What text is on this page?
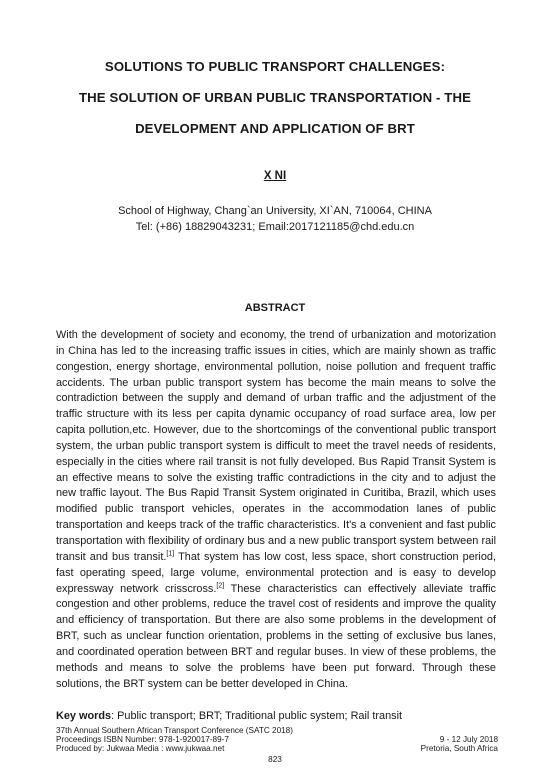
SOLUTIONS TO PUBLIC TRANSPORT CHALLENGES:
THE SOLUTION OF URBAN PUBLIC TRANSPORTATION - THE
DEVELOPMENT AND APPLICATION OF BRT
X NI
School of Highway, Chang`an University, XI`AN, 710064, CHINA
Tel: (+86) 18829043231; Email:2017121185@chd.edu.cn
ABSTRACT
With the development of society and economy, the trend of urbanization and motorization in China has led to the increasing traffic issues in cities, which are mainly shown as traffic congestion, energy shortage, environmental pollution, noise pollution and frequent traffic accidents. The urban public transport system has become the main means to solve the contradiction between the supply and demand of urban traffic and the adjustment of the traffic structure with its less per capita dynamic occupancy of road surface area, low per capita pollution,etc. However, due to the shortcomings of the conventional public transport system, the urban public transport system is difficult to meet the travel needs of residents, especially in the cities where rail transit is not fully developed. Bus Rapid Transit System is an effective means to solve the existing traffic contradictions in the city and to adjust the new traffic layout. The Bus Rapid Transit System originated in Curitiba, Brazil, which uses modified public transport vehicles, operates in the accommodation lanes of public transportation and keeps track of the traffic characteristics. It's a convenient and fast public transportation with flexibility of ordinary bus and a new public transport system between rail transit and bus transit.[1] That system has low cost, less space, short construction period, fast operating speed, large volume, environmental protection and is easy to develop expressway network crisscross.[2] These characteristics can effectively alleviate traffic congestion and other problems, reduce the travel cost of residents and improve the quality and efficiency of transportation. But there are also some problems in the development of BRT, such as unclear function orientation, problems in the setting of exclusive bus lanes, and coordinated operation between BRT and regular buses. In view of these problems, the methods and means to solve the problems have been put forward. Through these solutions, the BRT system can be better developed in China.
Key words: Public transport; BRT; Traditional public system; Rail transit
37th Annual Southern African Transport Conference (SATC 2018)
Proceedings ISBN Number: 978-1-920017-89-7	9 - 12 July 2018
Produced by: Jukwaa Media : www.jukwaa.net	Pretoria, South Africa
823
